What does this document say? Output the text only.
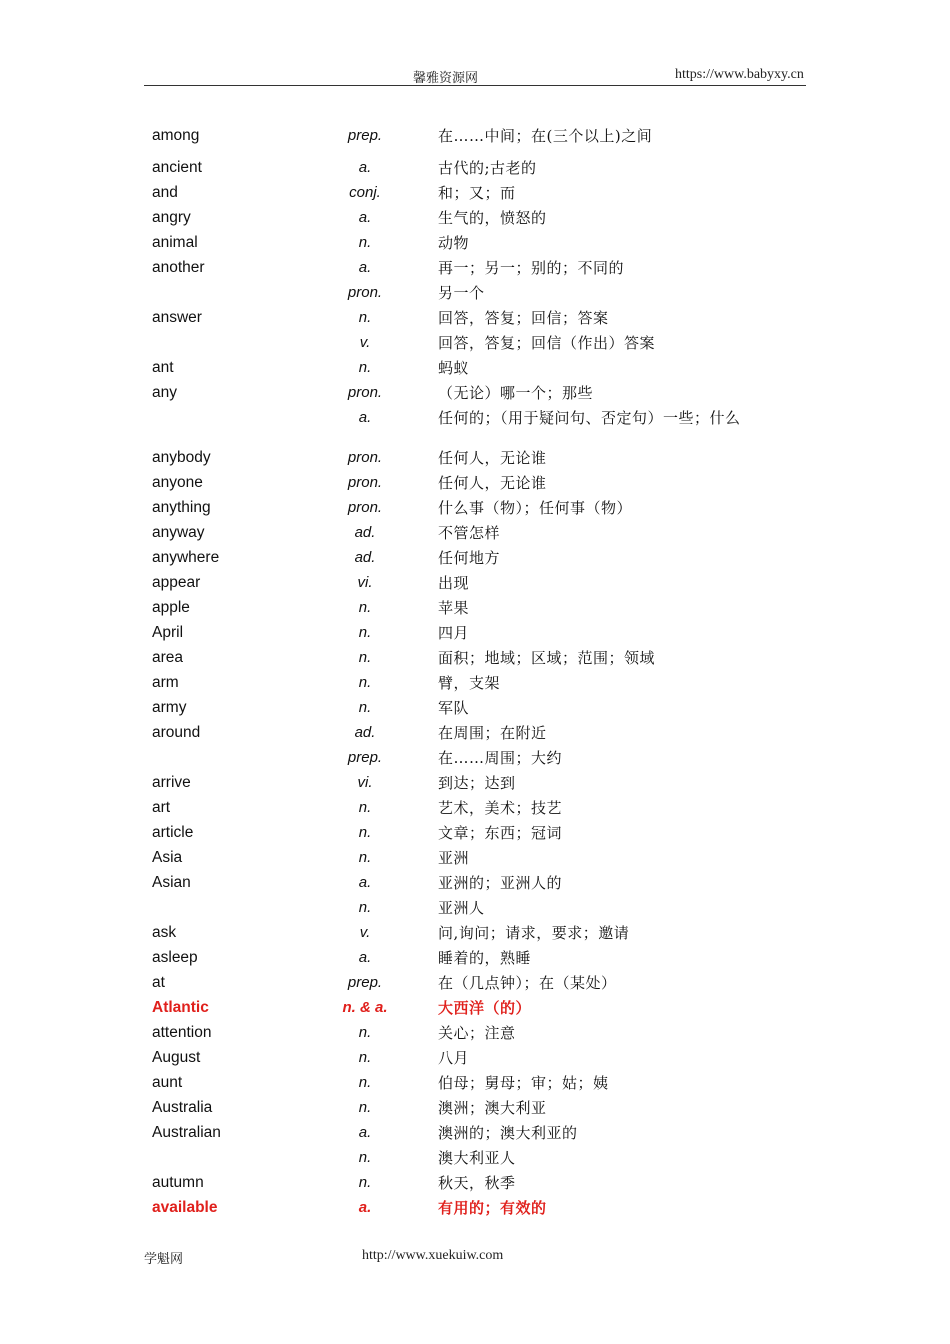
馨雅资源网	https://www.babyxy.cn
among	prep.	在……中间；在(三个以上)之间
ancient	a.	古代的;古老的
and	conj.	和；又；而
angry	a.	生气的，愤怒的
animal	n.	动物
another	a.	再一；另一；别的；不同的
pron.	另一个
answer	n.	回答，答复；回信；答案
v.	回答，答复；回信（作出）答案
ant	n.	蚂蚁
any	pron.	（无论）哪一个；那些
a.	任何的；（用于疑问句、否定句）一些；什么
anybody	pron.	任何人，无论谁
anyone	pron.	任何人，无论谁
anything	pron.	什么事（物）；任何事（物）
anyway	ad.	不管怎样
anywhere	ad.	任何地方
appear	vi.	出现
apple	n.	苹果
April	n.	四月
area	n.	面积；地域；区域；范围；领域
arm	n.	臂，支架
army	n.	军队
around	ad.	在周围；在附近
prep.	在……周围；大约
arrive	vi.	到达；达到
art	n.	艺术，美术；技艺
article	n.	文章；东西；冠词
Asia	n.	亚洲
Asian	a.	亚洲的；亚洲人的
n.	亚洲人
ask	v.	问,询问；请求，要求；邀请
asleep	a.	睡着的，熟睡
at	prep.	在（几点钟）；在（某处）
Atlantic	n. & a.	大西洋（的）
attention	n.	关心；注意
August	n.	八月
aunt	n.	伯母；舅母；审；姑；姨
Australia	n.	澳洲；澳大利亚
Australian	a.	澳洲的；澳大利亚的
n.	澳大利亚人
autumn	n.	秋天，秋季
available	a.	有用的；有效的
学魁网	http://www.xuekuiw.com
